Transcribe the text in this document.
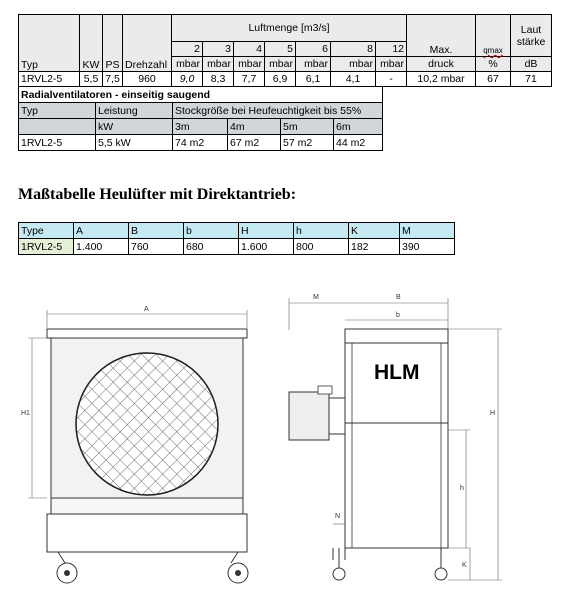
Typ	KW	PS	Drehzahl	Luftmenge [m3/s]							Max.	qmax	Laut
stärke
				2	3	4	5	6	8	12			
				mbar	mbar	mbar	mbar	mbar	mbar	mbar	druck	%	dB
1RVL2-5	5,5	7,5	960	9,0	8,3	7,7	6,9	6,1	4,1	-	10,2 mbar	67	71
Radialventilatoren - einseitig saugend					
Typ	Leistung	Stockgröße bei Heufeuchtigkeit bis 55%			
	kW	3m	4m	5m	6m
1RVL2-5	5,5 kW	74 m2	67 m2	57 m2	44 m2
Maßtabelle Heulüfter mit Direktantrieb:
Type	A	B	b	H	h	K	M
1RVL2-5	1.400	760	680	1.600	800	182	390
HLM
A
H1
M	B
b
H
h
K
N
